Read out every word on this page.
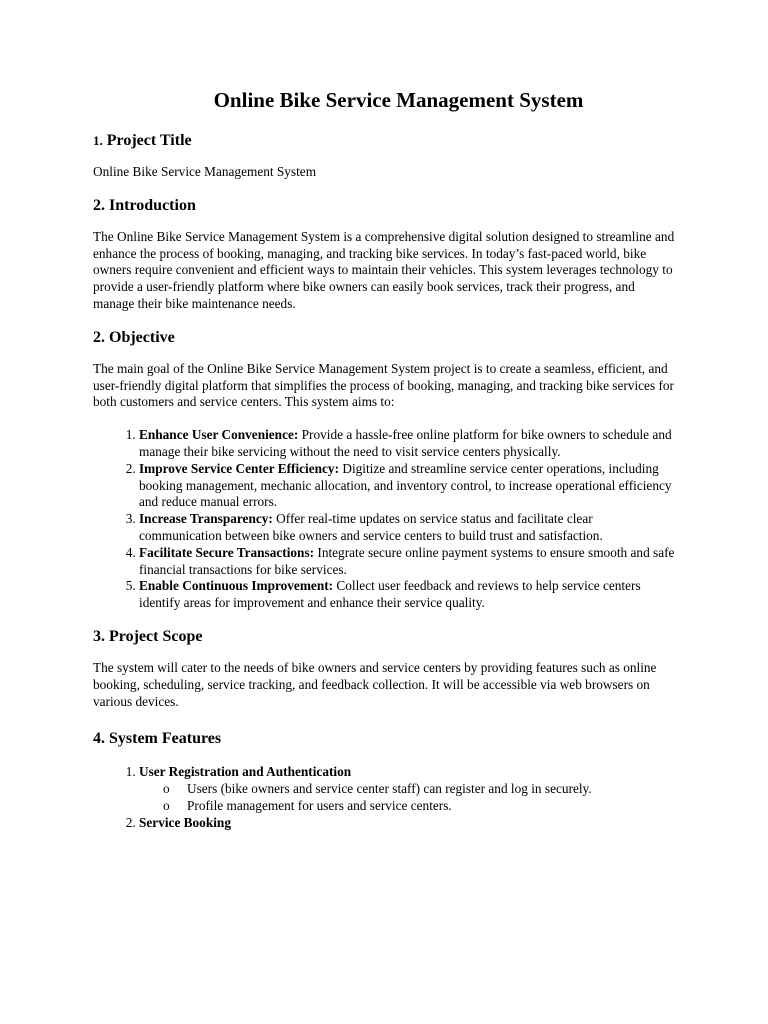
Online Bike Service Management System
1. Project Title

Online Bike Service Management System

2. Introduction

The Online Bike Service Management System is a comprehensive digital solution designed to streamline and enhance the process of booking, managing, and tracking bike services. In today’s fast-paced world, bike owners require convenient and efficient ways to maintain their vehicles. This system leverages technology to provide a user-friendly platform where bike owners can easily book services, track their progress, and manage their bike maintenance needs.

2. Objective

The main goal of the Online Bike Service Management System project is to create a seamless, efficient, and user-friendly digital platform that simplifies the process of booking, managing, and tracking bike services for both customers and service centers. This system aims to:

1. Enhance User Convenience: Provide a hassle-free online platform for bike owners to schedule and manage their bike servicing without the need to visit service centers physically.
2. Improve Service Center Efficiency: Digitize and streamline service center operations, including booking management, mechanic allocation, and inventory control, to increase operational efficiency and reduce manual errors.
3. Increase Transparency: Offer real-time updates on service status and facilitate clear communication between bike owners and service centers to build trust and satisfaction.
4. Facilitate Secure Transactions: Integrate secure online payment systems to ensure smooth and safe financial transactions for bike services.
5. Enable Continuous Improvement: Collect user feedback and reviews to help service centers identify areas for improvement and enhance their service quality.
3. Project Scope

The system will cater to the needs of bike owners and service centers by providing features such as online booking, scheduling, service tracking, and feedback collection. It will be accessible via web browsers on various devices.

4. System Features
1. User Registration and Authentication
o Users (bike owners and service center staff) can register and log in securely.
o Profile management for users and service centers.
2. Service Booking
